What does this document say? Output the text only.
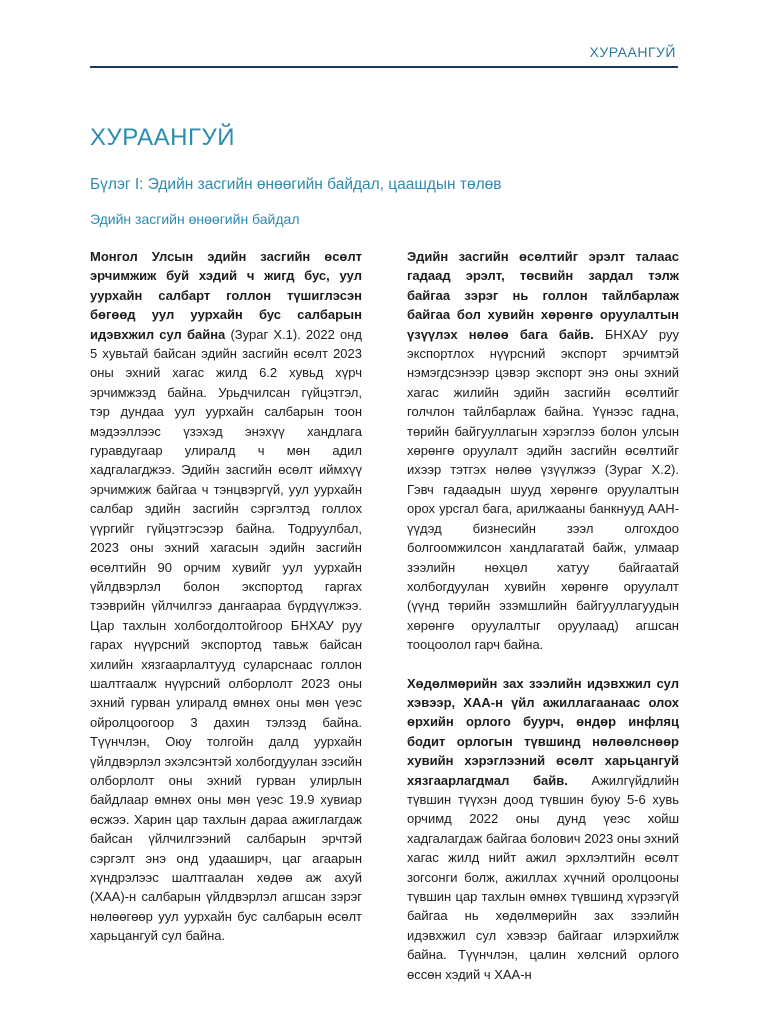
ХУРААНГУЙ
ХУРААНГУЙ
Бүлэг I: Эдийн засгийн өнөөгийн байдал, цаашдын төлөв
Эдийн засгийн өнөөгийн байдал

Монгол Улсын эдийн засгийн өсөлт эрчимжиж буй хэдий ч жигд бус, уул уурхайн салбарт голлон түшиглэсэн бөгөөд уул уурхайн бус салбарын идэвхжил сул байна (Зураг X.1). 2022 онд 5 хувьтай байсан эдийн засгийн өсөлт 2023 оны эхний хагас жилд 6.2 хувьд хүрч эрчимжээд байна. Урьдчилсан гүйцэтгэл, тэр дундаа уул уурхайн салбарын тоон мэдээллээс үзэхэд энэхүү хандлага гуравдугаар улиралд ч мөн адил хадгалагджээ. Эдийн засгийн өсөлт иймхүү эрчимжиж байгаа ч тэнцвэргүй, уул уурхайн салбар эдийн засгийн сэргэлтэд голлох үүргийг гүйцэтгэсээр байна. Тодруулбал, 2023 оны эхний хагасын эдийн засгийн өсөлтийн 90 орчим хувийг уул уурхайн үйлдвэрлэл болон экспортод гаргах тээврийн үйлчилгээ дангаараа бүрдүүлжээ. Цар тахлын холбогдолтойгоор БНХАУ руу гарах нүүрсний экспортод тавьж байсан хилийн хязгаарлалтууд суларснаас голлон шалтгаалж нүүрсний олборлолт 2023 оны эхний гурван улиралд өмнөх оны мөн үеэс ойролцоогоор 3 дахин тэлээд байна. Түүнчлэн, Оюу толгойн далд уурхайн үйлдвэрлэл эхэлсэнтэй холбогдуулан зэсийн олборлолт оны эхний гурван улирлын байдлаар өмнөх оны мөн үеэс 19.9 хувиар өсжээ. Харин цар тахлын дараа ажиглагдаж байсан үйлчилгээний салбарын эрчтэй сэргэлт энэ онд удааширч, цаг агаарын хүндрэлээс шалтгаалан хөдөө аж ахуй (ХАА)-н салбарын үйлдвэрлэл агшсан зэрэг нөлөөгөөр уул уурхайн бус салбарын өсөлт харьцангуй сул байна.

Эдийн засгийн өсөлтийг эрэлт талаас гадаад эрэлт, төсвийн зардал тэлж байгаа зэрэг нь голлон тайлбарлаж байгаа бол хувийн хөрөнгө оруулалтын үзүүлэх нөлөө бага байв. БНХАУ руу экспортлох нүүрсний экспорт эрчимтэй нэмэгдсэнээр цэвэр экспорт энэ оны эхний хагас жилийн эдийн засгийн өсөлтийг голчлон тайлбарлаж байна. Үүнээс гадна, төрийн байгууллагын хэрэглээ болон улсын хөрөнгө оруулалт эдийн засгийн өсөлтийг ихээр тэтгэх нөлөө үзүүлжээ (Зураг X.2). Гэвч гадаадын шууд хөрөнгө оруулалтын орох урсгал бага, арилжааны банкнууд ААН-үүдэд бизнесийн зээл олгохдоо болгоомжилсон хандлагатай байж, улмаар зээлийн нөхцөл хатуу байгаатай холбогдуулан хувийн хөрөнгө оруулалт (үүнд төрийн эзэмшлийн байгууллагуудын хөрөнгө оруулалтыг оруулаад) агшсан тооцоолол гарч байна.

Хөдөлмөрийн зах зээлийн идэвхжил сул хэвээр, ХАА-н үйл ажиллагаанаас олох өрхийн орлого буурч, өндөр инфляц бодит орлогын түвшинд нөлөөлснөөр хувийн хэрэглээний өсөлт харьцангуй хязгаарлагдмал байв. Ажилгүйдлийн түвшин түүхэн доод түвшин буюу 5-6 хувь орчимд 2022 оны дунд үеэс хойш хадгалагдаж байгаа болович 2023 оны эхний хагас жилд нийт ажил эрхлэлтийн өсөлт зогсонги болж, ажиллах хүчний оролцооны түвшин цар тахлын өмнөх түвшинд хүрээгүй байгаа нь хөдөлмөрийн зах зээлийн идэвхжил сул хэвээр байгааг илэрхийлж байна. Түүнчлэн, цалин хөлсний орлого өссөн хэдий ч ХАА-н
